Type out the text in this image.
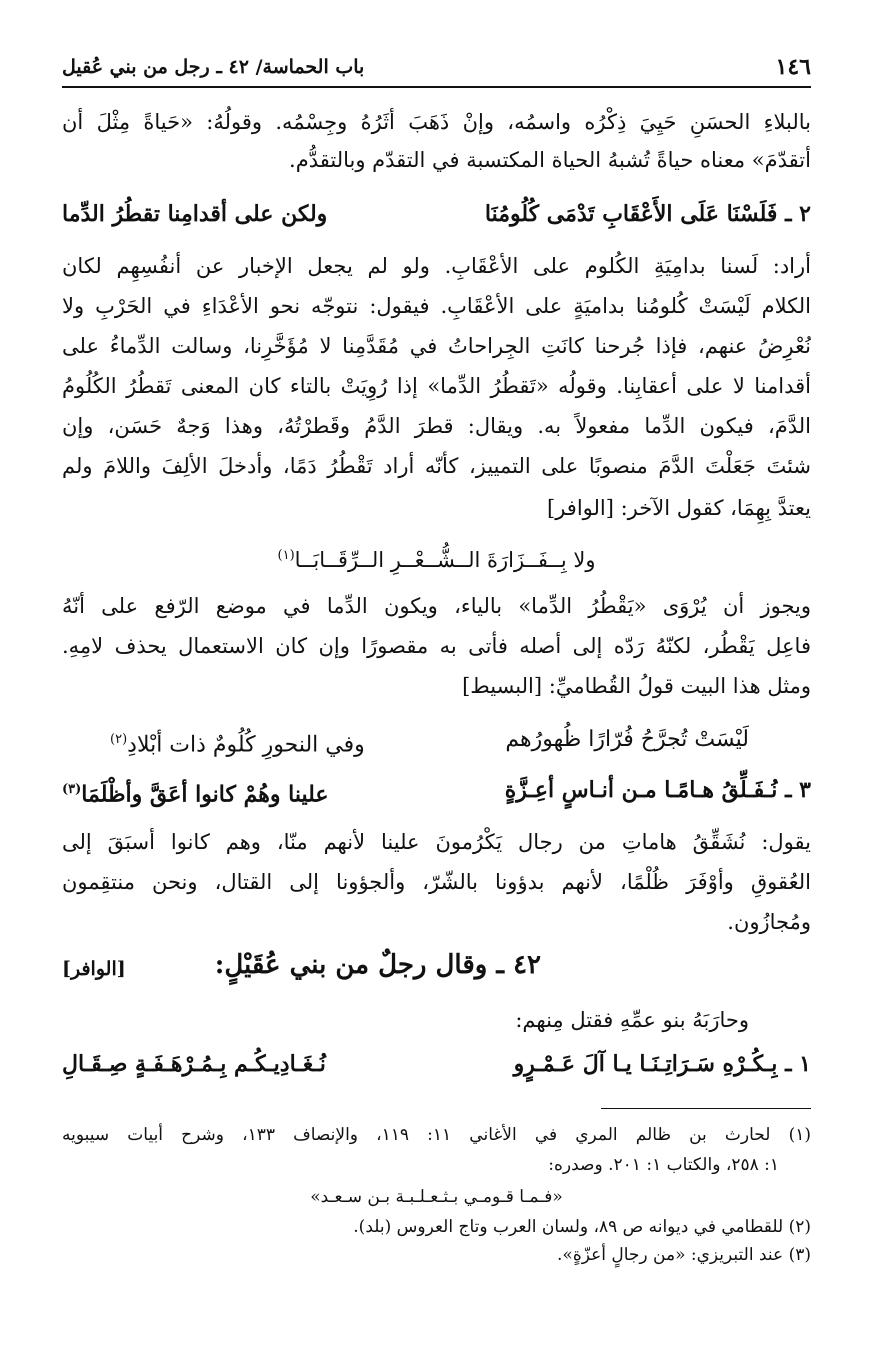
١٤٦
باب الحماسة/ ٤٢ ـ رجل من بني عُقيل
بالبلاءِ الحسَنِ حَيِيَ ذِكْرُه واسمُه، وإنْ ذَهَبَ أثَرُهُ وجِسْمُه. وقولُهُ: «حَياةً مِثْلَ أن
أتقدّمَ» معناه حياةً تُشبهُ الحياة المكتسبة في التقدّم وبالتقدُّم.
٢ ـ فَلَسْنَا عَلَى الأَعْقَابِ تَدْمَى كُلُومُنَا
ولكن على أقدامِنا تقطُرُ الدِّما
أراد: لَسنا بدامِيَةِ الكُلوم على الأعْقَابِ. ولو لم يجعل الإخبار عن أنفُسِهِم لكان
الكلام لَيْسَتْ كُلومُنا بداميَةٍ على الأعْقَابِ. فيقول: نتوجّه نحو الأعْدَاءِ في الحَرْبِ ولا
نُعْرِضُ عنهم، فإذا جُرحنا كانَتِ الجِراحاتُ في مُقَدَّمِنا لا مُؤَخَّرِنا، وسالت الدِّماءُ على
أقدامنا لا على أعقابِنا. وقولُه «تَقطُرُ الدِّما» إذا رُوِيَتْ بالتاء كان المعنى تَقطُرُ الكُلُومُ
الدَّمَ، فيكون الدِّما مفعولاً به. ويقال: قطرَ الدَّمُ وقَطرْتُهُ، وهذا وَجهٌ حَسَن، وإن
شئتَ جَعَلْتَ الدَّمَ منصوبًا على التمييز، كأنّه أراد تَقْطُرُ دَمًا، وأدخلَ الألِفَ واللامَ ولم
يعتدَّ بِهِمَا، كقول الآخر: [الوافر]
ولا بِــفَــزَارَةَ الــشُّــعْــرِ الــرِّقَــابَــا$^{(١)}$
ويجوز أن يُرْوَى «يَقْطُرُ الدِّما» بالياء، ويكون الدِّما في موضع الرّفع على أنّهُ
فاعِل يَقْطُر، لكنّهُ رَدّه إلى أصله فأتى به مقصورًا وإن كان الاستعمال يحذف لامِهِ.
ومثل هذا البيت قولُ القُطاميِّ: [البسيط]
لَيْسَتْ تُجرَّحُ فُرّارًا ظُهورُهم
وفي النحورِ كُلُومٌ ذات أبْلادِ$^{(٢)}$
٣ ـ نُـفَـلِّقُ هـامًـا مـن أنـاسٍ أعِـزَّةٍ
علينا وهُمْ كانوا أعَقَّ وأظْلَمَا$^{(٣)}$
يقول: نُشَقِّقُ هاماتِ من رجال يَكْرُمونَ علينا لأنهم منّا، وهم كانوا أسبَقَ إلى
العُقوقِ وأوْفَرَ ظُلْمًا، لأنهم بدؤونا بالشّرّ، وألجؤونا إلى القتال، ونحن منتقِمون
ومُجازُون.
٤٢ ـ وقال رجلٌ من بني عُقَيْلٍ:
[الوافر]
وحارَبَهُ بنو عمِّهِ فقتل مِنهم:
١ ـ بِـكُـرْهِ سَـرَاتِـنَـا يـا آلَ عَـمْـرٍو
نُـغَـادِيـكُـم بِـمُـرْهَـفَـةٍ صِـقَـالِ
(١) لحارث بن ظالم المري في الأغاني ١١: ١١٩، والإنصاف ١٣٣، وشرح أبيات سيبويه
١: ٢٥٨، والكتاب ١: ٢٠١. وصدره:
«فـمـا قـومـي بـثـعـلـبـة بـن سـعـد»
(٢) للقطامي في ديوانه ص ٨٩، ولسان العرب وتاج العروس (بلد).
(٣) عند التبريزي: «من رجالٍ أعزّةٍ».
